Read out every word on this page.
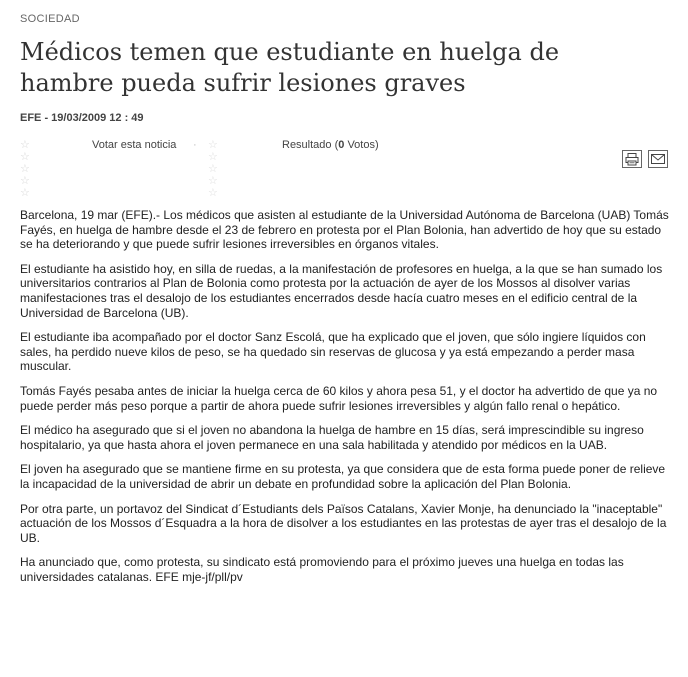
SOCIEDAD
Médicos temen que estudiante en huelga de hambre pueda sufrir lesiones graves
EFE - 19/03/2009 12 : 49
☆☆☆☆☆
Votar esta noticia · ☆☆☆☆☆
Resultado (0 Votos)

Barcelona, 19 mar (EFE).- Los médicos que asisten al estudiante de la Universidad Autónoma de Barcelona (UAB) Tomás Fayés, en huelga de hambre desde el 23 de febrero en protesta por el Plan Bolonia, han advertido de hoy que su estado se ha deteriorando y que puede sufrir lesiones irreversibles en órganos vitales.

El estudiante ha asistido hoy, en silla de ruedas, a la manifestación de profesores en huelga, a la que se han sumado los universitarios contrarios al Plan de Bolonia como protesta por la actuación de ayer de los Mossos al disolver varias manifestaciones tras el desalojo de los estudiantes encerrados desde hacía cuatro meses en el edificio central de la Universidad de Barcelona (UB).

El estudiante iba acompañado por el doctor Sanz Escolá, que ha explicado que el joven, que sólo ingiere líquidos con sales, ha perdido nueve kilos de peso, se ha quedado sin reservas de glucosa y ya está empezando a perder masa muscular.

Tomás Fayés pesaba antes de iniciar la huelga cerca de 60 kilos y ahora pesa 51, y el doctor ha advertido de que ya no puede perder más peso porque a partir de ahora puede sufrir lesiones irreversibles y algún fallo renal o hepático.

El médico ha asegurado que si el joven no abandona la huelga de hambre en 15 días, será imprescindible su ingreso hospitalario, ya que hasta ahora el joven permanece en una sala habilitada y atendido por médicos en la UAB.

El joven ha asegurado que se mantiene firme en su protesta, ya que considera que de esta forma puede poner de relieve la incapacidad de la universidad de abrir un debate en profundidad sobre la aplicación del Plan Bolonia.

Por otra parte, un portavoz del Sindicat d´Estudiants dels Països Catalans, Xavier Monje, ha denunciado la "inaceptable" actuación de los Mossos d´Esquadra a la hora de disolver a los estudiantes en las protestas de ayer tras el desalojo de la UB.

Ha anunciado que, como protesta, su sindicato está promoviendo para el próximo jueves una huelga en todas las universidades catalanas. EFE mje-jf/pll/pv
